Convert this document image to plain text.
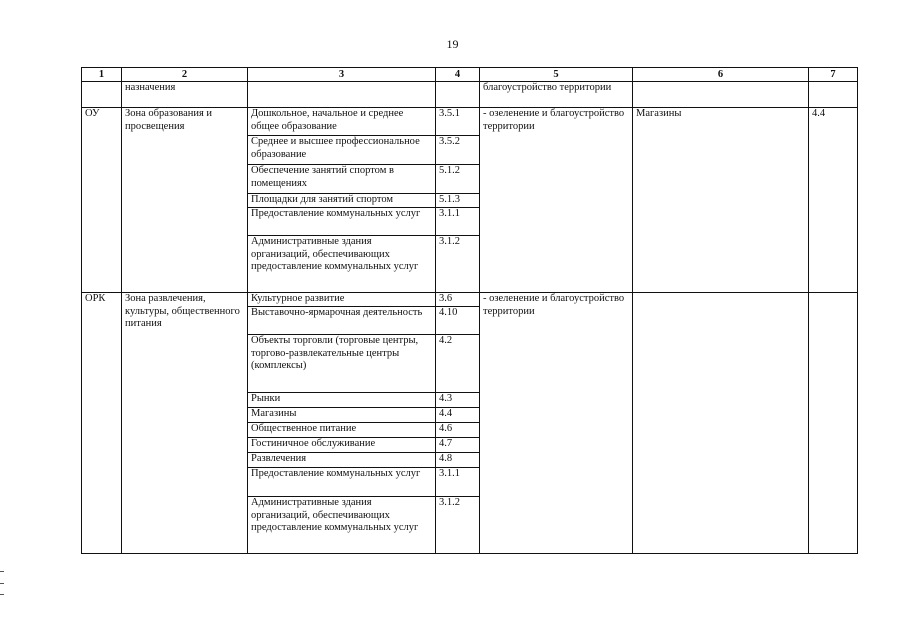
19
1	2	3	4	5	6	7
	назначения			благоустройство территории		
ОУ	Зона образования и просвещения	Дошкольное, начальное и среднее общее образование	3.5.1	- озеленение и благоустройство территории	Магазины	4.4
		Среднее и высшее профессиональное образование	3.5.2			
		Обеспечение занятий спортом в помещениях	5.1.2			
		Площадки для занятий спортом	5.1.3			
		Предоставление коммунальных услуг	3.1.1			
		Административные здания организаций, обеспечивающих предоставление коммунальных услуг	3.1.2			
ОРК	Зона развлечения, культуры, общественного питания	Культурное развитие	3.6	- озеленение и благоустройство территории		
		Выставочно-ярмарочная деятельность	4.10			
		Объекты торговли (торговые центры, торгово-развлекательные центры (комплексы)	4.2			
		Рынки	4.3			
		Магазины	4.4			
		Общественное питание	4.6			
		Гостиничное обслуживание	4.7			
		Развлечения	4.8			
		Предоставление коммунальных услуг	3.1.1			
		Административные здания организаций, обеспечивающих предоставление коммунальных услуг	3.1.2			
